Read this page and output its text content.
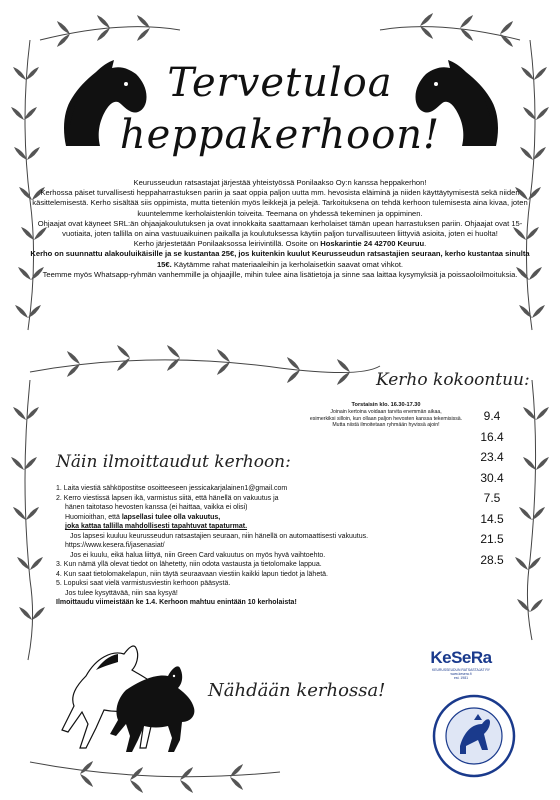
Tervetuloa
heppakerhoon!

Keurusseudun ratsastajat järjestää yhteistyössä Ponilaakso Oy:n kanssa heppakerhon!

Kerhossa päiset turvallisesti heppaharrastuksen pariin ja saat oppia paljon uutta mm. hevosista eläiminä ja niiden käyttäytymisestä sekä niiden käsittelemisestä. Kerho sisältää siis oppimista, mutta tietenkin myös leikkejä ja pelejä. Tarkoituksena on tehdä kerhoon tulemisesta aina kivaa, joten kuuntelemme kerholaistenkin toiveita. Teemana on yhdessä tekeminen ja oppiminen.

Ohjaajat ovat käyneet SRL:än ohjaajakoulutuksen ja ovat innokkaita saattamaan kerholaiset tämän upean harrastuksen pariin. Ohjaajat ovat 15-vuotiaita, joten tallilla on aina vastuuaikuinen paikalla ja koulutuksessa käytiin paljon turvallisuuteen liittyviä asioita, joten ei huolta!

Kerho järjestetään Ponilaaksossa leirivintillä. Osoite on Hoskarintie 24 42700 Keuruu.

Kerho on suunnattu alakouluikäisille ja se kustantaa 25€, jos kuitenkin kuulut Keurusseudun ratsastajien seuraan, kerho kustantaa sinulta 15€. Käytämme rahat materiaaleihin ja kerholaisetkin saavat omat vihkot.

Teemme myös Whatsapp-ryhmän vanhemmille ja ohjaajille, mihin tulee aina lisätietoja ja sinne saa laittaa kysymyksiä ja poissaoloilmoituksia.

Kerho kokoontuu:
Torstaisin klo. 16.30-17.30
Joinain kertoina voidaan tarvita enemmän aikaa,
esimerkiksi silloin, kun ollaan paljon hevosten kanssa tekemisissä.
Mutta niistä ilmoitetaan ryhmään hyvissä ajoin!
9.4
16.4
23.4
30.4
7.5
14.5
21.5
28.5
Näin ilmoittaudut kerhoon:

1. Laita viestiä sähköpostitse osoitteeseen jessicakarjalainen1@gmail.com

2. Kerro viestissä lapsen ikä, varmistus siitä, että hänellä on vakuutus ja

hänen taitotaso hevosten kanssa (ei haittaa, vaikka ei olisi)

Huomioithan, että lapsellasi tulee olla vakuutus,

joka kattaa tallilla mahdollisesti tapahtuvat tapaturmat.

Jos lapsesi kuuluu keurusseudun ratsastajien seuraan, niin hänellä on automaattisesti vakuutus.

https://www.kesera.fi/jasenasiat/

Jos ei kuulu, eikä halua liittyä, niin Green Card vakuutus on myös hyvä vaihtoehto.

3. Kun nämä yllä olevat tiedot on lähetetty, niin odota vastausta ja tietolomake lappua.

4. Kun saat tietolomakelapun, niin täytä seuraavaan viestiin kaikki lapun tiedot ja lähetä.

5. Lopuksi saat vielä varmistusviestin kerhoon pääsystä.

Jos tulee kysyttävää, niin saa kysyä!

Ilmoittaudu viimeistään ke 1.4. Kerhoon mahtuu enintään 10 kerholaista!

Nähdään kerhossa!
KeSeRa
KEURUSSEUDUN RATSASTAJAT RY
www.kesera.fi
est. 1981
